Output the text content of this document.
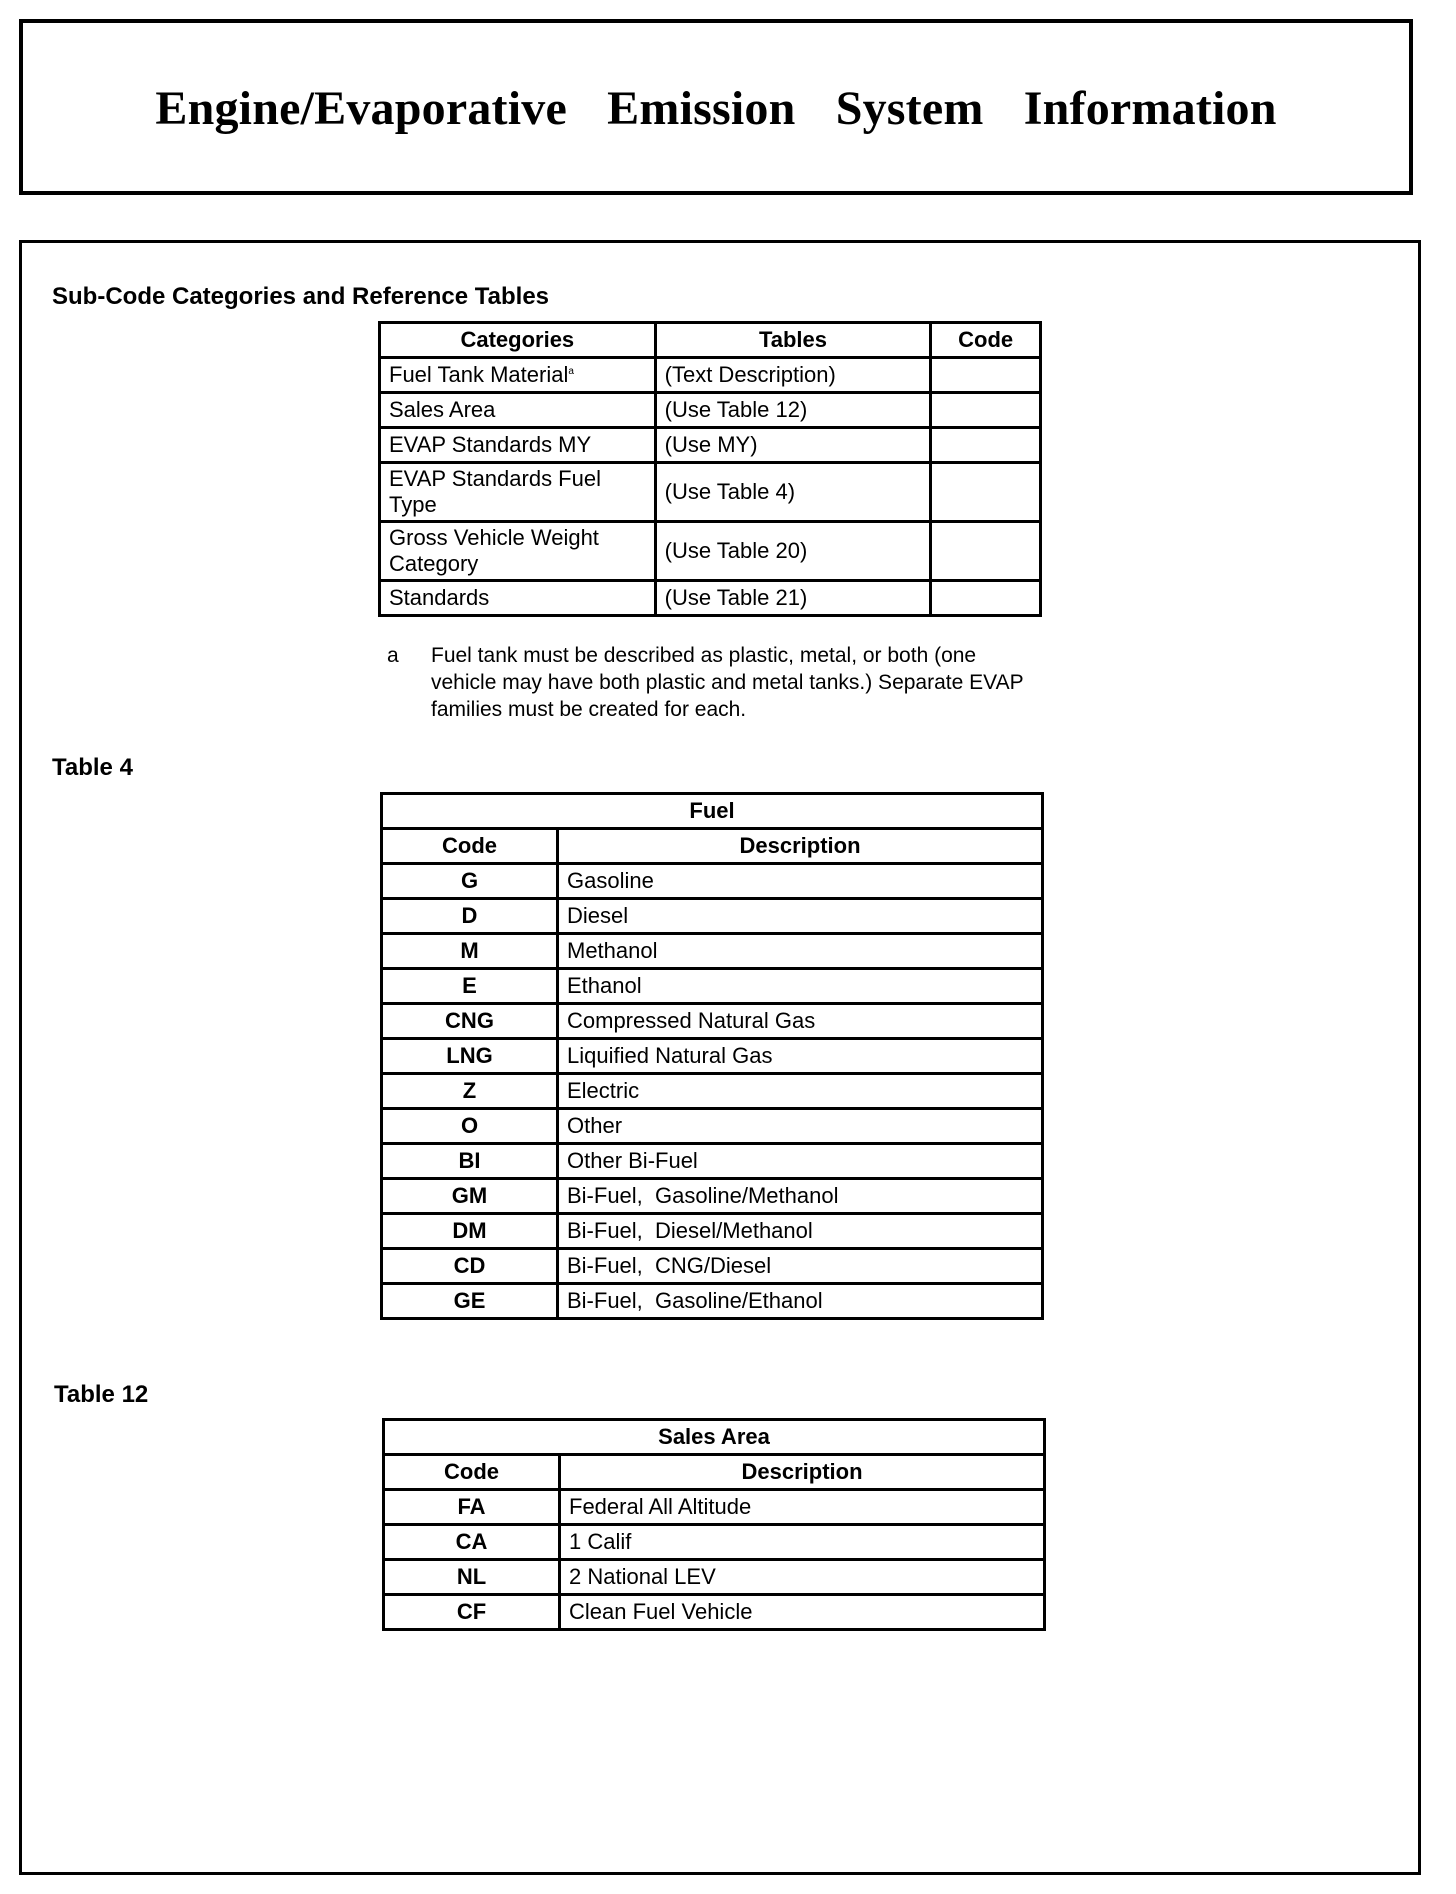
Engine/Evaporative Emission System Information
Sub-Code Categories and Reference Tables
Categories	Tables	Code
Fuel Tank Material$^a$	(Text Description)	
Sales Area	(Use Table 12)	
EVAP Standards MY	(Use MY)	
EVAP Standards Fuel Type	(Use Table 4)	
Gross Vehicle Weight Category	(Use Table 20)	
Standards	(Use Table 21)	
a Fuel tank must be described as plastic, metal, or both (one vehicle may have both plastic and metal tanks.) Separate EVAP families must be created for each.
Table 4
Fuel	
Code	Description
G	Gasoline
D	Diesel
M	Methanol
E	Ethanol
CNG	Compressed Natural Gas
LNG	Liquified Natural Gas
Z	Electric
O	Other
BI	Other Bi-Fuel
GM	Bi-Fuel,  Gasoline/Methanol
DM	Bi-Fuel,  Diesel/Methanol
CD	Bi-Fuel,  CNG/Diesel
GE	Bi-Fuel,  Gasoline/Ethanol
Table 12
Sales Area	
Code	Description
FA	Federal All Altitude
CA	1 Calif
NL	2 National LEV
CF	Clean Fuel Vehicle
